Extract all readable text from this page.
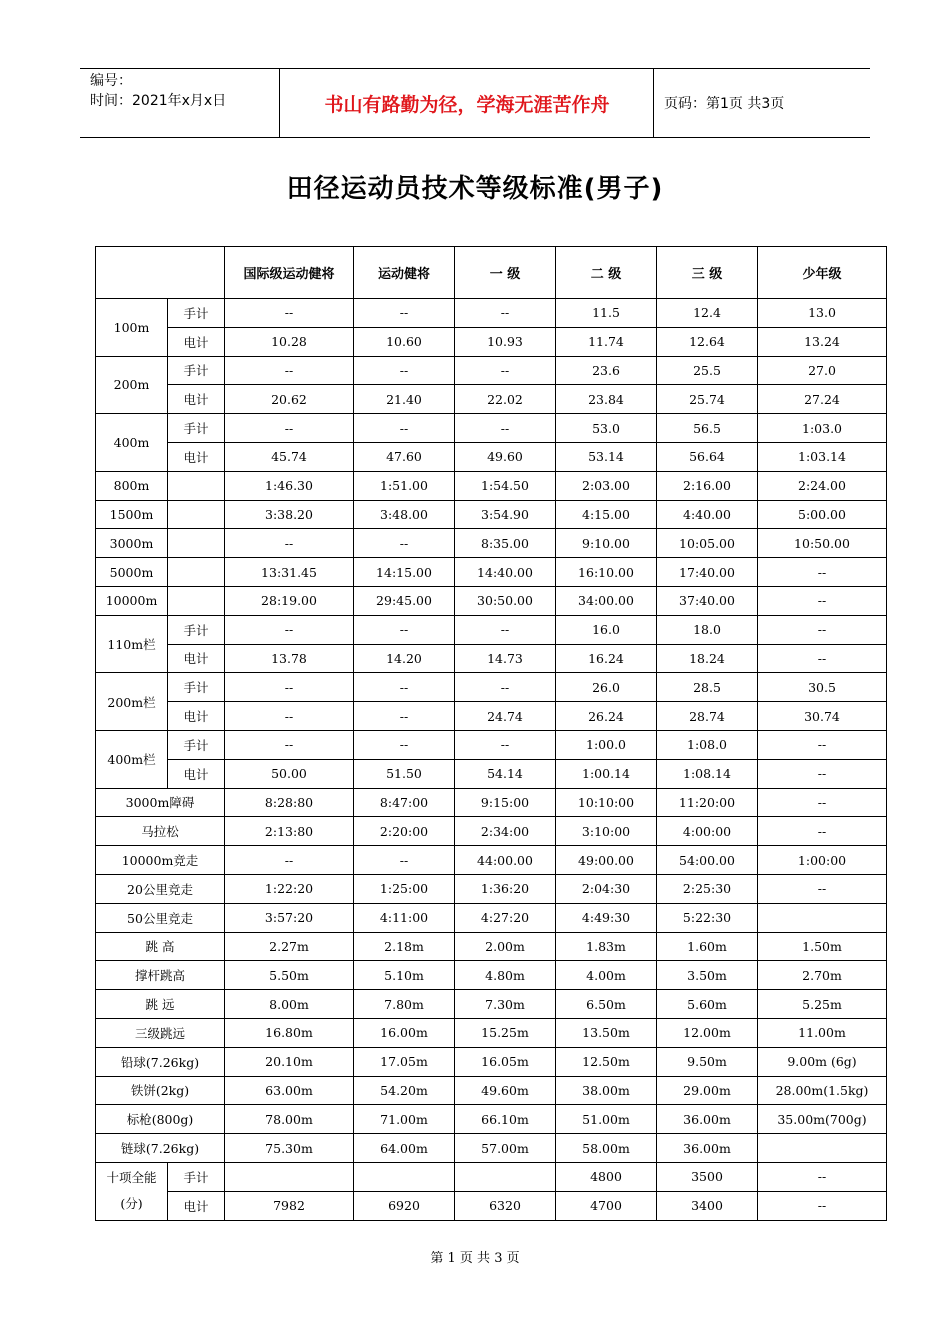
编号：
时间：2021年x月x日	书山有路勤为径，学海无涯苦作舟	页码：第1页 共3页
田径运动员技术等级标准(男子)
		国际级运动健将	运动健将	一 级	二 级	三 级	少年级
100m	手计	--	--	--	11.5	12.4	13.0
	电计	10.28	10.60	10.93	11.74	12.64	13.24
200m	手计	--	--	--	23.6	25.5	27.0
	电计	20.62	21.40	22.02	23.84	25.74	27.24
400m	手计	--	--	--	53.0	56.5	1:03.0
	电计	45.74	47.60	49.60	53.14	56.64	1:03.14
800m		1:46.30	1:51.00	1:54.50	2:03.00	2:16.00	2:24.00
1500m		3:38.20	3:48.00	3:54.90	4:15.00	4:40.00	5:00.00
3000m		--	--	8:35.00	9:10.00	10:05.00	10:50.00
5000m		13:31.45	14:15.00	14:40.00	16:10.00	17:40.00	--
10000m		28:19.00	29:45.00	30:50.00	34:00.00	37:40.00	--
110m栏	手计	--	--	--	16.0	18.0	--
	电计	13.78	14.20	14.73	16.24	18.24	--
200m栏	手计	--	--	--	26.0	28.5	30.5
	电计	--	--	24.74	26.24	28.74	30.74
400m栏	手计	--	--	--	1:00.0	1:08.0	--
	电计	50.00	51.50	54.14	1:00.14	1:08.14	--
3000m障碍		8:28:80	8:47:00	9:15:00	10:10:00	11:20:00	--
马拉松		2:13:80	2:20:00	2:34:00	3:10:00	4:00:00	--
10000m竞走		--	--	44:00.00	49:00.00	54:00.00	1:00:00
20公里竞走		1:22:20	1:25:00	1:36:20	2:04:30	2:25:30	--
50公里竞走		3:57:20	4:11:00	4:27:20	4:49:30	5:22:30	
跳 高		2.27m	2.18m	2.00m	1.83m	1.60m	1.50m
撑杆跳高		5.50m	5.10m	4.80m	4.00m	3.50m	2.70m
跳 远		8.00m	7.80m	7.30m	6.50m	5.60m	5.25m
三级跳远		16.80m	16.00m	15.25m	13.50m	12.00m	11.00m
铅球(7.26kg)		20.10m	17.05m	16.05m	12.50m	9.50m	9.00m (6g)
铁饼(2kg)		63.00m	54.20m	49.60m	38.00m	29.00m	28.00m(1.5kg)
标枪(800g)		78.00m	71.00m	66.10m	51.00m	36.00m	35.00m(700g)
链球(7.26kg)		75.30m	64.00m	57.00m	58.00m	36.00m	
十项全能(分)	手计				4800	3500	--
	电计	7982	6920	6320	4700	3400	--
第 1 页 共 3 页
